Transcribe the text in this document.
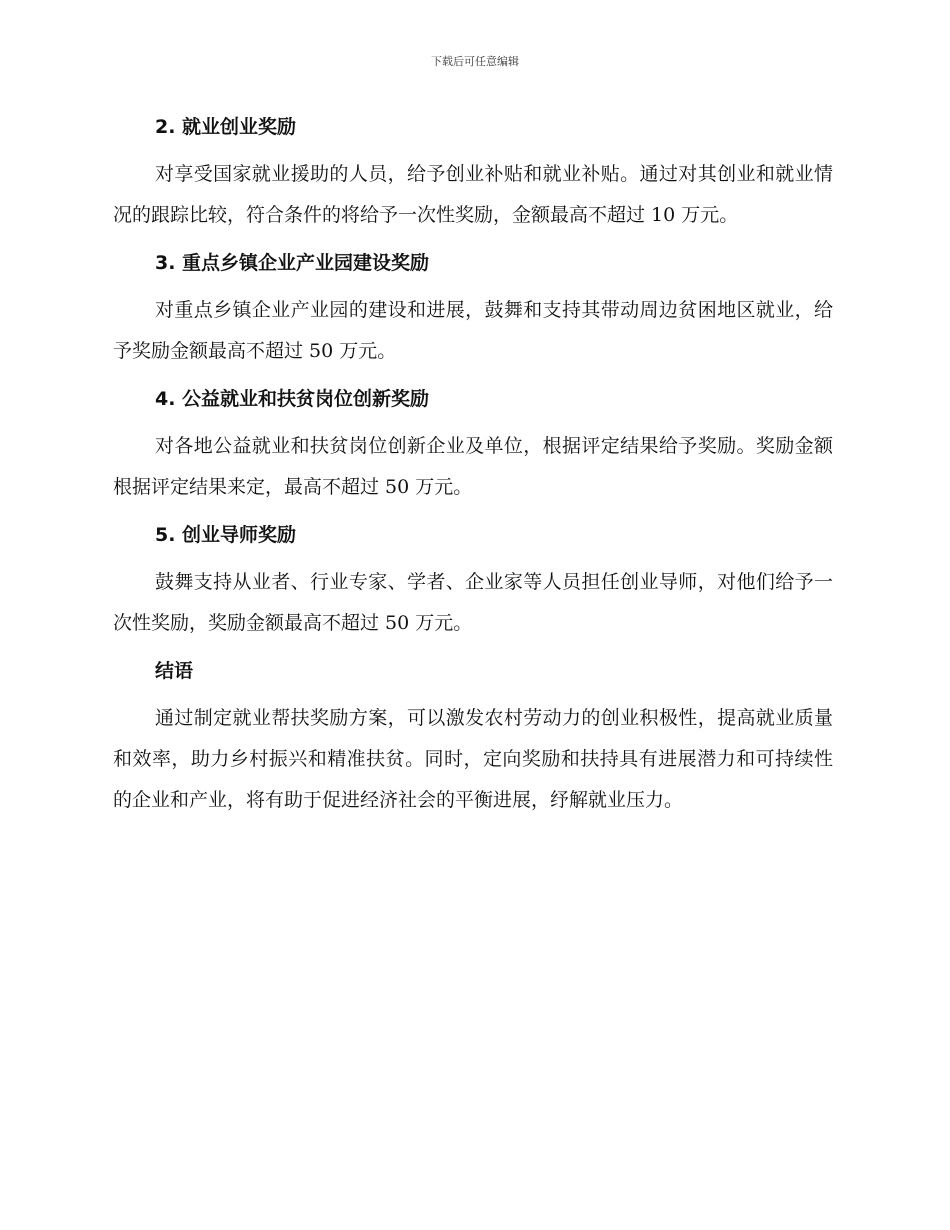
下载后可任意编辑
2. 就业创业奖励

对享受国家就业援助的人员，给予创业补贴和就业补贴。通过对其创业和就业情况的跟踪比较，符合条件的将给予一次性奖励，金额最高不超过 10 万元。

3. 重点乡镇企业产业园建设奖励

对重点乡镇企业产业园的建设和进展，鼓舞和支持其带动周边贫困地区就业，给予奖励金额最高不超过 50 万元。

4. 公益就业和扶贫岗位创新奖励

对各地公益就业和扶贫岗位创新企业及单位，根据评定结果给予奖励。奖励金额根据评定结果来定，最高不超过 50 万元。

5. 创业导师奖励

鼓舞支持从业者、行业专家、学者、企业家等人员担任创业导师，对他们给予一次性奖励，奖励金额最高不超过 50 万元。

结语

通过制定就业帮扶奖励方案，可以激发农村劳动力的创业积极性，提高就业质量和效率，助力乡村振兴和精准扶贫。同时，定向奖励和扶持具有进展潜力和可持续性的企业和产业，将有助于促进经济社会的平衡进展，纾解就业压力。
